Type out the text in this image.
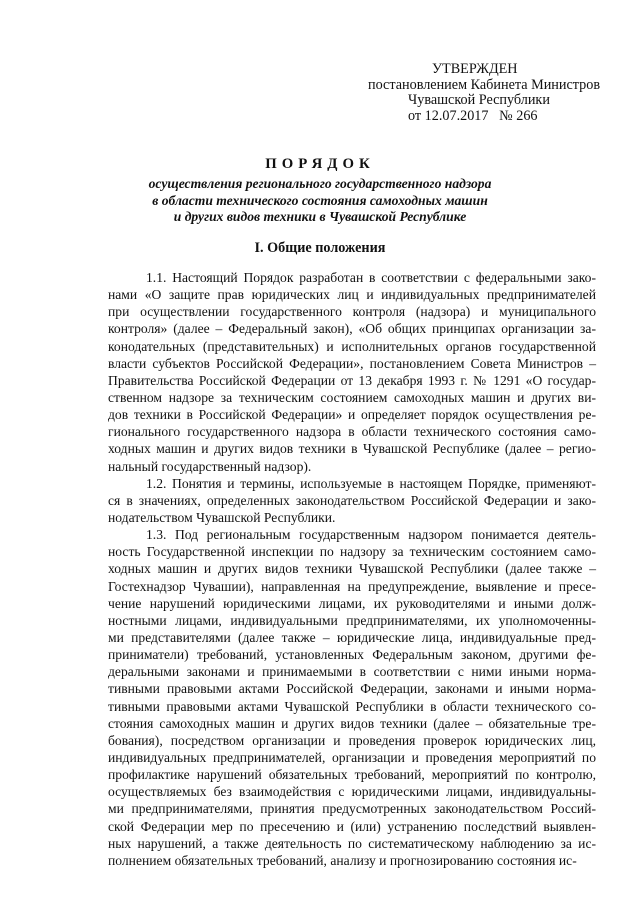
УТВЕРЖДЕН
постановлением Кабинета Министров
Чувашской Республики
от 12.07.2017   № 266
ПОРЯДОК
осуществления регионального государственного надзора
в области технического состояния самоходных машин
и других видов техники в Чувашской Республике
I. Общие положения
1.1. Настоящий Порядок разработан в соответствии с федеральными зако-
нами «О защите прав юридических лиц и индивидуальных предпринимателей
при осуществлении государственного контроля (надзора) и муниципального
контроля» (далее – Федеральный закон), «Об общих принципах организации за-
конодательных (представительных) и исполнительных органов государственной
власти субъектов Российской Федерации», постановлением Совета Министров –
Правительства Российской Федерации от 13 декабря 1993 г. № 1291 «О государ-
ственном надзоре за техническим состоянием самоходных машин и других ви-
дов техники в Российской Федерации» и определяет порядок осуществления ре-
гионального государственного надзора в области технического состояния само-
ходных машин и других видов техники в Чувашской Республике (далее – регио-
нальный государственный надзор).
1.2. Понятия и термины, используемые в настоящем Порядке, применяют-
ся в значениях, определенных законодательством Российской Федерации и зако-
нодательством Чувашской Республики.
1.3. Под региональным государственным надзором понимается деятель-
ность Государственной инспекции по надзору за техническим состоянием само-
ходных машин и других видов техники Чувашской Республики (далее также –
Гостехнадзор Чувашии), направленная на предупреждение, выявление и пресе-
чение нарушений юридическими лицами, их руководителями и иными долж-
ностными лицами, индивидуальными предпринимателями, их уполномоченны-
ми представителями (далее также – юридические лица, индивидуальные пред-
приниматели) требований, установленных Федеральным законом, другими фе-
деральными законами и принимаемыми в соответствии с ними иными норма-
тивными правовыми актами Российской Федерации, законами и иными норма-
тивными правовыми актами Чувашской Республики в области технического со-
стояния самоходных машин и других видов техники (далее – обязательные тре-
бования), посредством организации и проведения проверок юридических лиц,
индивидуальных предпринимателей, организации и проведения мероприятий по
профилактике нарушений обязательных требований, мероприятий по контролю,
осуществляемых без взаимодействия с юридическими лицами, индивидуальны-
ми предпринимателями, принятия предусмотренных законодательством Россий-
ской Федерации мер по пресечению и (или) устранению последствий выявлен-
ных нарушений, а также деятельность по систематическому наблюдению за ис-
полнением обязательных требований, анализу и прогнозированию состояния ис-
